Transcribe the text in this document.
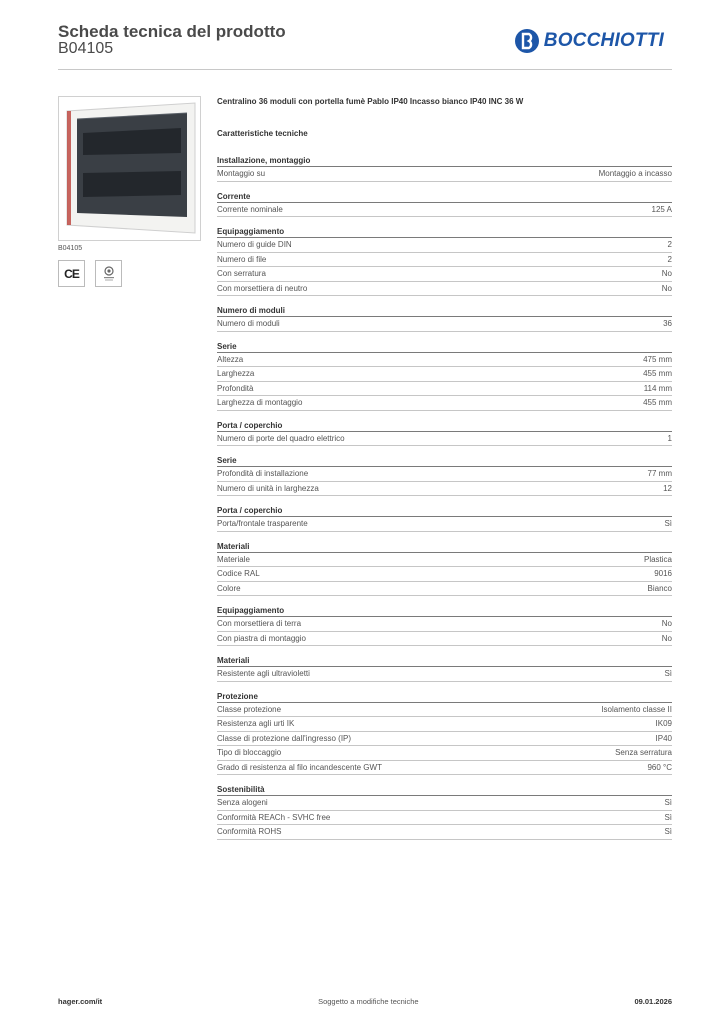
Scheda tecnica del prodotto
B04105	BOCCHIOTTI
B04105
CE
Centralino 36 moduli con portella fumè Pablo IP40 Incasso bianco IP40 INC 36 W
Caratteristiche tecniche
Installazione, montaggio
Montaggio su	Montaggio a incasso
Corrente
Corrente nominale	125 A
Equipaggiamento
Numero di guide DIN	2
Numero di file	2
Con serratura	No
Con morsettiera di neutro	No
Numero di moduli
Numero di moduli	36
Serie
Altezza	475 mm
Larghezza	455 mm
Profondità	114 mm
Larghezza di montaggio	455 mm
Porta / coperchio
Numero di porte del quadro elettrico	1
Serie
Profondità di installazione	77 mm
Numero di unità in larghezza	12
Porta / coperchio
Porta/frontale trasparente	Sì
Materiali
Materiale	Plastica
Codice RAL	9016
Colore	Bianco
Equipaggiamento
Con morsettiera di terra	No
Con piastra di montaggio	No
Materiali
Resistente agli ultravioletti	Sì
Protezione
Classe protezione	Isolamento classe II
Resistenza agli urti IK	IK09
Classe di protezione dall'ingresso (IP)	IP40
Tipo di bloccaggio	Senza serratura
Grado di resistenza al filo incandescente GWT	960 °C
Sostenibilità
Senza alogeni	Sì
Conformità REACh - SVHC free	Sì
Conformità ROHS	Sì
hager.com/it	Soggetto a modifiche tecniche	09.01.2026
